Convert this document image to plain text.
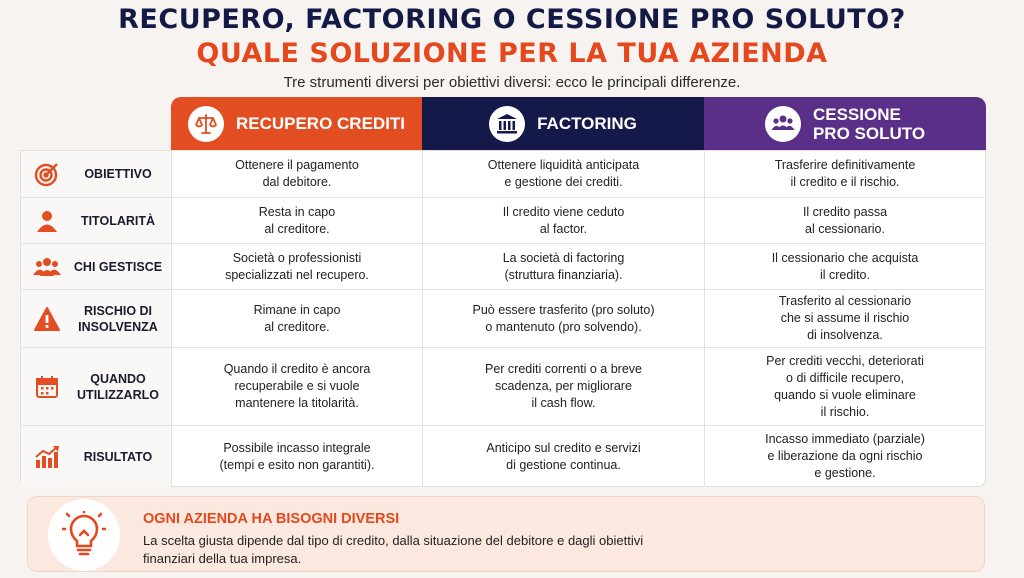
RECUPERO, FACTORING O CESSIONE PRO SOLUTO?
QUALE SOLUZIONE PER LA TUA AZIENDA
Tre strumenti diversi per obiettivi diversi: ecco le principali differenze.
RECUPERO CREDITI	FACTORING	CESSIONE
PRO SOLUTO
OBIETTIVO
Ottenere il pagamento
dal debitore.
Ottenere liquidità anticipata
e gestione dei crediti.
Trasferire definitivamente
il credito e il rischio.
TITOLARITÀ
Resta in capo
al creditore.
Il credito viene ceduto
al factor.
Il credito passa
al cessionario.
CHI GESTISCE
Società o professionisti
specializzati nel recupero.
La società di factoring
(struttura finanziaria).
Il cessionario che acquista
il credito.
RISCHIO DI
INSOLVENZA
Rimane in capo
al creditore.
Può essere trasferito (pro soluto)
o mantenuto (pro solvendo).
Trasferito al cessionario
che si assume il rischio
di insolvenza.
QUANDO
UTILIZZARLO
Quando il credito è ancora
recuperabile e si vuole
mantenere la titolarità.
Per crediti correnti o a breve
scadenza, per migliorare
il cash flow.
Per crediti vecchi, deteriorati
o di difficile recupero,
quando si vuole eliminare
il rischio.
RISULTATO
Possibile incasso integrale
(tempi e esito non garantiti).
Anticipo sul credito e servizi
di gestione continua.
Incasso immediato (parziale)
e liberazione da ogni rischio
e gestione.
OGNI AZIENDA HA BISOGNI DIVERSI
La scelta giusta dipende dal tipo di credito, dalla situazione del debitore e dagli obiettivi finanziari della tua impresa.
